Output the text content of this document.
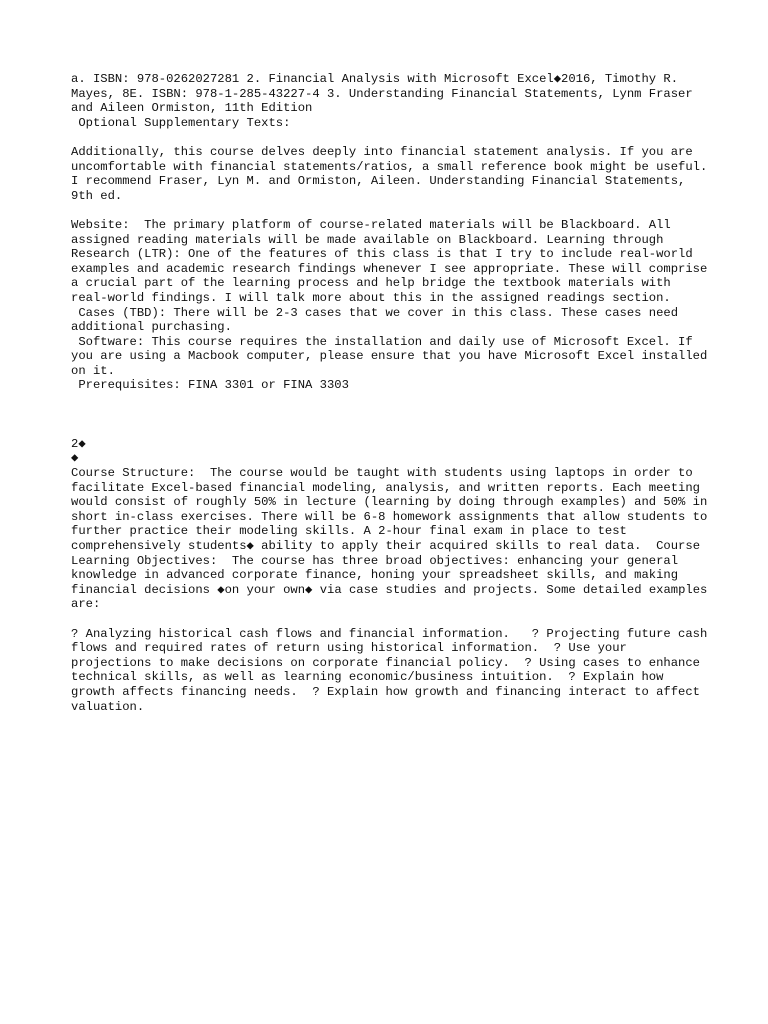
a. ISBN: 978-0262027281 2. Financial Analysis with Microsoft Excel◆2016, Timothy R. Mayes, 8E. ISBN: 978-1-285-43227-4 3. Understanding Financial Statements, Lynm Fraser and Aileen Ormiston, 11th Edition

Optional Supplementary Texts:

Additionally, this course delves deeply into financial statement analysis. If you are uncomfortable with financial statements/ratios, a small reference book might be useful. I recommend Fraser, Lyn M. and Ormiston, Aileen. Understanding Financial Statements, 9th ed.

Website:  The primary platform of course-related materials will be Blackboard. All assigned reading materials will be made available on Blackboard. Learning through Research (LTR): One of the features of this class is that I try to include real-world examples and academic research findings whenever I see appropriate. These will comprise a crucial part of the learning process and help bridge the textbook materials with real-world findings. I will talk more about this in the assigned readings section.

Cases (TBD): There will be 2-3 cases that we cover in this class. These cases need additional purchasing.

Software: This course requires the installation and daily use of Microsoft Excel. If you are using a Macbook computer, please ensure that you have Microsoft Excel installed on it.

Prerequisites: FINA 3301 or FINA 3303

2◆

◆

Course Structure:  The course would be taught with students using laptops in order to facilitate Excel-based financial modeling, analysis, and written reports. Each meeting would consist of roughly 50% in lecture (learning by doing through examples) and 50% in short in-class exercises. There will be 6-8 homework assignments that allow students to further practice their modeling skills. A 2-hour final exam in place to test comprehensively students◆ ability to apply their acquired skills to real data.  Course Learning Objectives:  The course has three broad objectives: enhancing your general knowledge in advanced corporate finance, honing your spreadsheet skills, and making financial decisions ◆on your own◆ via case studies and projects. Some detailed examples are:

? Analyzing historical cash flows and financial information.   ? Projecting future cash flows and required rates of return using historical information.  ? Use your projections to make decisions on corporate financial policy.  ? Using cases to enhance technical skills, as well as learning economic/business intuition.  ? Explain how growth affects financing needs.  ? Explain how growth and financing interact to affect valuation.
